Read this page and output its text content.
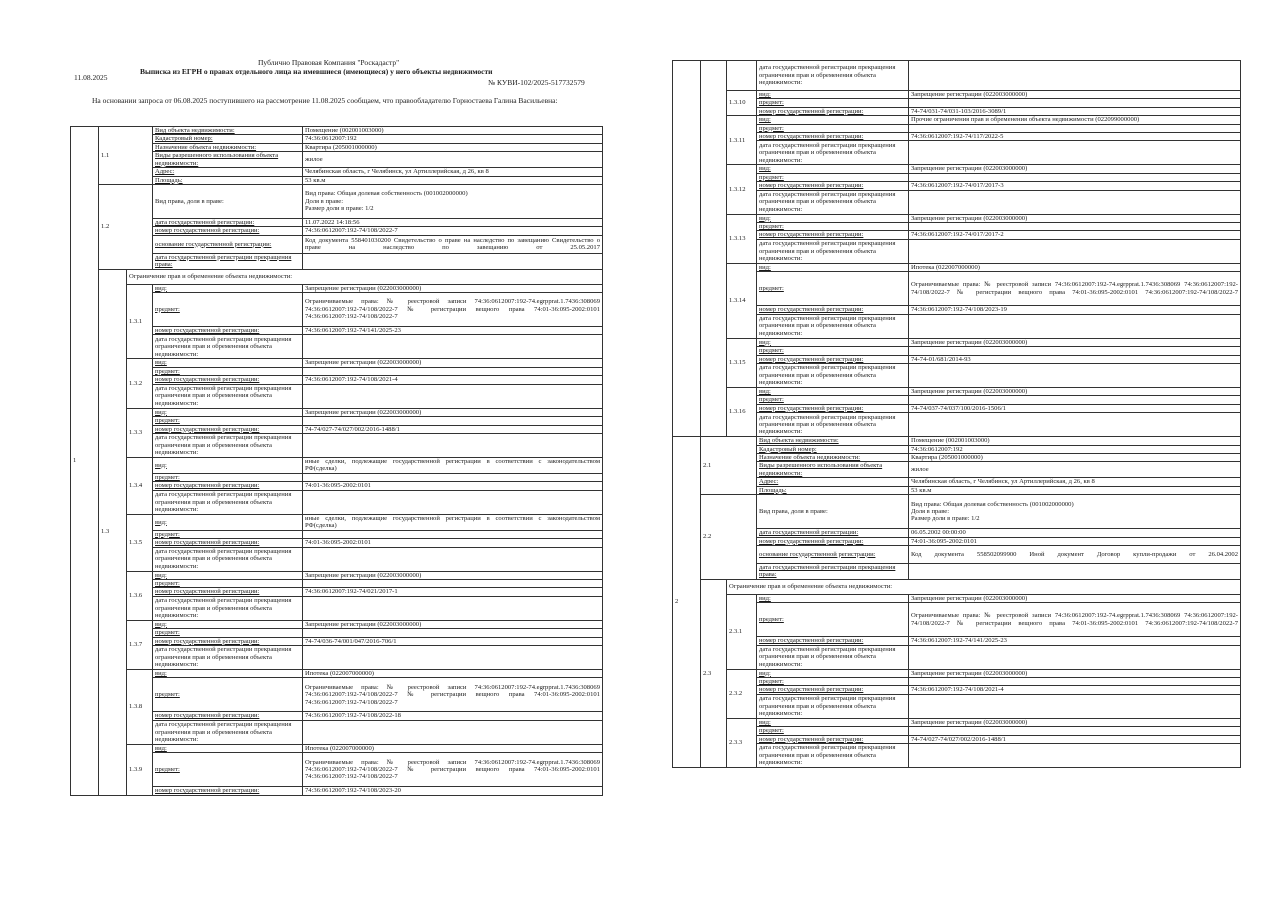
Публично Правовая Компания "Роскадастр"
11.08.2025
Выписка из ЕГРН о правах отдельного лица на имевшиеся (имеющиеся) у него объекты недвижимости
№ КУВИ-102/2025-517732579
На основании запроса от 06.08.2025 поступившего на рассмотрение 11.08.2025 сообщаем, что правообладателю Горностаева Галина Васильевна:
1	1.1		Вид объекта недвижимости:	Помещение (002001003000)
			Кадастровый номер:	74:36:0612007:192
			Назначение объекта недвижимости:	Квартира (205001000000)
			Виды разрешенного использования объекта недвижимости:	жилое
			Адрес:	Челябинская область, г Челябинск, ул Артиллерийская, д 26, кв 8
			Площадь:	53 кв.м
	1.2		Вид права, доля в праве:	Вид права: Общая долевая собственность (001002000000)
Доля в праве:
Размер доли в праве: 1/2

			дата государственной регистрации:	11.07.2022 14:18:56
			номер государственной регистрации:	74:36:0612007:192-74/108/2022-7
			основание государственной регистрации:	Код документа 558401030200 Свидетельство о праве на наследство по завещанию Свидетельство о праве на наследство по завещанию от 25.05.2017
			дата государственной регистрации прекращения права:	
	1.3	Ограничение прав и обременение объекта недвижимости:		
		1.3.1	вид:	Запрещение регистрации (022003000000)
			предмет:	Ограничиваемые права: № реестровой записи 74:36:0612007:192-74.egrpprat.1.7436:308069 74:36:0612007:192-74/108/2022-7 № регистрации вещного права 74:01-36:095-2002:0101 74:36:0612007:192-74/108/2022-7
			номер государственной регистрации:	74:36:0612007:192-74/141/2025-23
			дата государственной регистрации прекращения ограничения прав и обременения объекта недвижимости:	
		1.3.2	вид:	Запрещение регистрации (022003000000)
			предмет:	
			номер государственной регистрации:	74:36:0612007:192-74/108/2021-4
			дата государственной регистрации прекращения ограничения прав и обременения объекта недвижимости:	
		1.3.3	вид:	Запрещение регистрации (022003000000)
			предмет:	
			номер государственной регистрации:	74-74/027-74/027/002/2016-1488/1
			дата государственной регистрации прекращения ограничения прав и обременения объекта недвижимости:	
		1.3.4	вид:	иные сделки, подлежащие государственной регистрации в соответствии с законодательством РФ(сделка)
			предмет:	
			номер государственной регистрации:	74:01-36:095-2002:0101
			дата государственной регистрации прекращения ограничения прав и обременения объекта недвижимости:	
		1.3.5	вид:	иные сделки, подлежащие государственной регистрации в соответствии с законодательством РФ(сделка)
			предмет:	
			номер государственной регистрации:	74:01-36:095-2002:0101
			дата государственной регистрации прекращения ограничения прав и обременения объекта недвижимости:	
		1.3.6	вид:	Запрещение регистрации (022003000000)
			предмет:	
			номер государственной регистрации:	74:36:0612007:192-74/021/2017-1
			дата государственной регистрации прекращения ограничения прав и обременения объекта недвижимости:	
		1.3.7	вид:	Запрещение регистрации (022003000000)
			предмет:	
			номер государственной регистрации:	74-74/036-74/001/047/2016-706/1
			дата государственной регистрации прекращения ограничения прав и обременения объекта недвижимости:	
		1.3.8	вид:	Ипотека (022007000000)
			предмет:	Ограничиваемые права: № реестровой записи 74:36:0612007:192-74.egrpprat.1.7436:308069 74:36:0612007:192-74/108/2022-7 № регистрации вещного права 74:01-36:095-2002:0101 74:36:0612007:192-74/108/2022-7
			номер государственной регистрации:	74:36:0612007:192-74/108/2022-18
			дата государственной регистрации прекращения ограничения прав и обременения объекта недвижимости:	
		1.3.9	вид:	Ипотека (022007000000)
			предмет:	Ограничиваемые права: № реестровой записи 74:36:0612007:192-74.egrpprat.1.7436:308069 74:36:0612007:192-74/108/2022-7 № регистрации вещного права 74:01-36:095-2002:0101 74:36:0612007:192-74/108/2022-7
			номер государственной регистрации:	74:36:0612007:192-74/108/2023-20
			дата государственной регистрации прекращения ограничения прав и обременения объекта недвижимости:	
		1.3.10	вид:	Запрещение регистрации (022003000000)
			предмет:	
			номер государственной регистрации:	74-74/031-74/031-103/2016-3089/1
		1.3.11	вид:	Прочие ограничения прав и обременения объекта недвижимости (022099000000)
			предмет:	
			номер государственной регистрации:	74:36:0612007:192-74/117/2022-5
			дата государственной регистрации прекращения ограничения прав и обременения объекта недвижимости:	
		1.3.12	вид:	Запрещение регистрации (022003000000)
			предмет:	
			номер государственной регистрации:	74:36:0612007:192-74/017/2017-3
			дата государственной регистрации прекращения ограничения прав и обременения объекта недвижимости:	
		1.3.13	вид:	Запрещение регистрации (022003000000)
			предмет:	
			номер государственной регистрации:	74:36:0612007:192-74/017/2017-2
			дата государственной регистрации прекращения ограничения прав и обременения объекта недвижимости:	
		1.3.14	вид:	Ипотека (022007000000)
			предмет:	Ограничиваемые права: № реестровой записи 74:36:0612007:192-74.egrpprat.1.7436:308069 74:36:0612007:192-74/108/2022-7 № регистрации вещного права 74:01-36:095-2002:0101 74:36:0612007:192-74/108/2022-7
			номер государственной регистрации:	74:36:0612007:192-74/108/2023-19
			дата государственной регистрации прекращения ограничения прав и обременения объекта недвижимости:	
		1.3.15	вид:	Запрещение регистрации (022003000000)
			предмет:	
			номер государственной регистрации:	74-74-01/681/2014-93
			дата государственной регистрации прекращения ограничения прав и обременения объекта недвижимости:	
		1.3.16	вид:	Запрещение регистрации (022003000000)
			предмет:	
			номер государственной регистрации:	74-74/037-74/037/100/2016-1506/1
			дата государственной регистрации прекращения ограничения прав и обременения объекта недвижимости:	
2	2.1		Вид объекта недвижимости:	Помещение (002001003000)
			Кадастровый номер:	74:36:0612007:192
			Назначение объекта недвижимости:	Квартира (205001000000)
			Виды разрешенного использования объекта недвижимости:	жилое
			Адрес:	Челябинская область, г Челябинск, ул Артиллерийская, д 26, кв 8
			Площадь:	53 кв.м
	2.2		Вид права, доля в праве:	Вид права: Общая долевая собственность (001002000000)
Доля в праве:
Размер доли в праве: 1/2

			дата государственной регистрации:	06.05.2002 00:00:00
			номер государственной регистрации:	74:01-36:095-2002:0101
			основание государственной регистрации:	Код документа 558502099900 Иной документ Договор купли-продажи от 26.04.2002
			дата государственной регистрации прекращения права:	
	2.3	Ограничение прав и обременение объекта недвижимости:		
		2.3.1	вид:	Запрещение регистрации (022003000000)
			предмет:	Ограничиваемые права: № реестровой записи 74:36:0612007:192-74.egrpprat.1.7436:308069 74:36:0612007:192-74/108/2022-7 № регистрации вещного права 74:01-36:095-2002:0101 74:36:0612007:192-74/108/2022-7
			номер государственной регистрации:	74:36:0612007:192-74/141/2025-23
			дата государственной регистрации прекращения ограничения прав и обременения объекта недвижимости:	
		2.3.2	вид:	Запрещение регистрации (022003000000)
			предмет:	
			номер государственной регистрации:	74:36:0612007:192-74/108/2021-4
			дата государственной регистрации прекращения ограничения прав и обременения объекта недвижимости:	
		2.3.3	вид:	Запрещение регистрации (022003000000)
			предмет:	
			номер государственной регистрации:	74-74/027-74/027/002/2016-1488/1
			дата государственной регистрации прекращения ограничения прав и обременения объекта недвижимости:	
